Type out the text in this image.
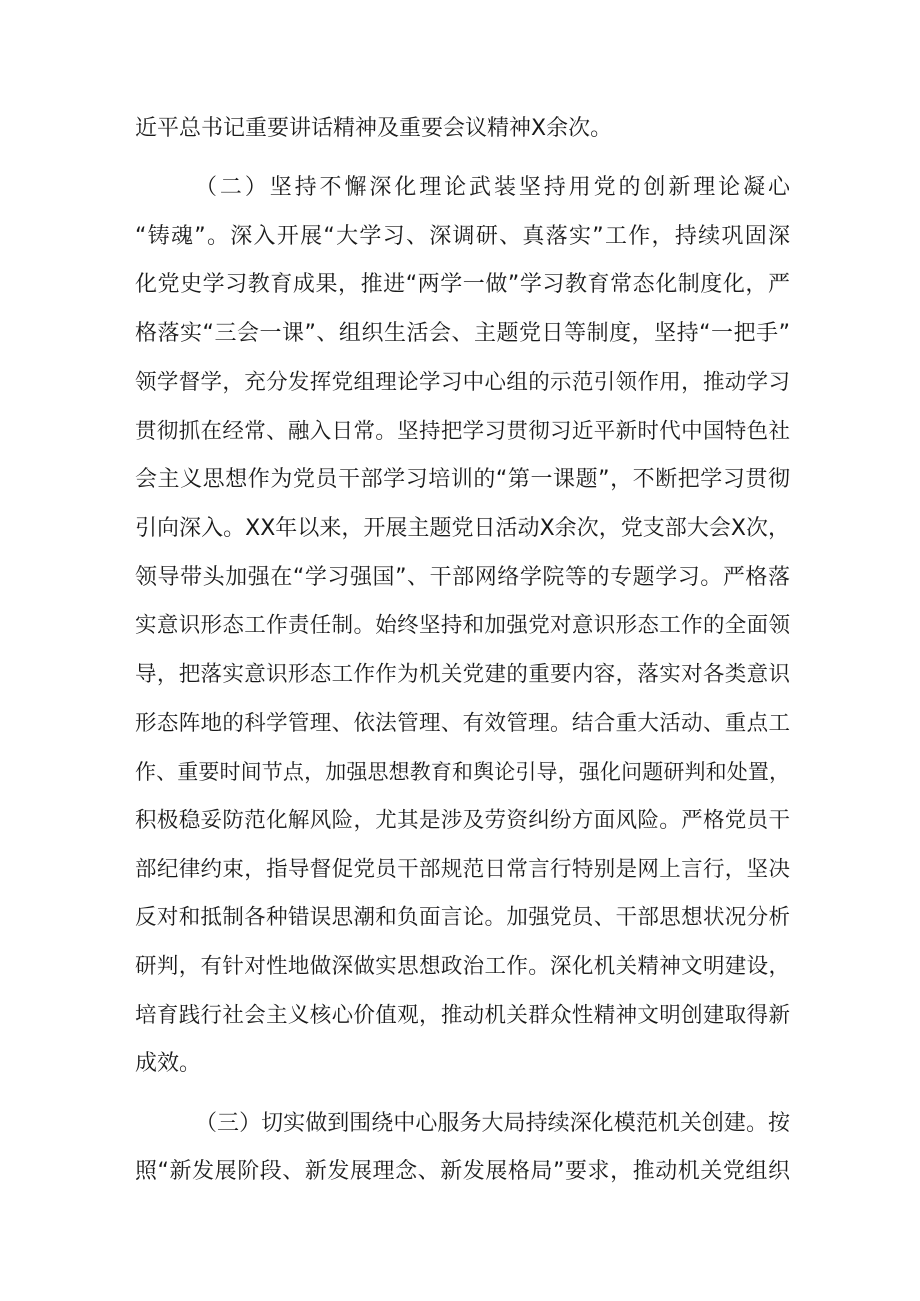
近平总书记重要讲话精神及重要会议精神X余次。
（二）坚持不懈深化理论武装坚持用党的创新理论凝心
“铸魂”。深入开展“大学习、深调研、真落实”工作，持续巩固深
化党史学习教育成果，推进“两学一做”学习教育常态化制度化，严
格落实“三会一课”、组织生活会、主题党日等制度，坚持“一把手”
领学督学，充分发挥党组理论学习中心组的示范引领作用，推动学习
贯彻抓在经常、融入日常。坚持把学习贯彻习近平新时代中国特色社
会主义思想作为党员干部学习培训的“第一课题”，不断把学习贯彻
引向深入。XX年以来，开展主题党日活动X余次，党支部大会X次，
领导带头加强在“学习强国”、干部网络学院等的专题学习。严格落
实意识形态工作责任制。始终坚持和加强党对意识形态工作的全面领
导，把落实意识形态工作作为机关党建的重要内容，落实对各类意识
形态阵地的科学管理、依法管理、有效管理。结合重大活动、重点工
作、重要时间节点，加强思想教育和舆论引导，强化问题研判和处置，
积极稳妥防范化解风险，尤其是涉及劳资纠纷方面风险。严格党员干
部纪律约束，指导督促党员干部规范日常言行特别是网上言行，坚决
反对和抵制各种错误思潮和负面言论。加强党员、干部思想状况分析
研判，有针对性地做深做实思想政治工作。深化机关精神文明建设，
培育践行社会主义核心价值观，推动机关群众性精神文明创建取得新
成效。
（三）切实做到围绕中心服务大局持续深化模范机关创建。按
照“新发展阶段、新发展理念、新发展格局”要求，推动机关党组织
